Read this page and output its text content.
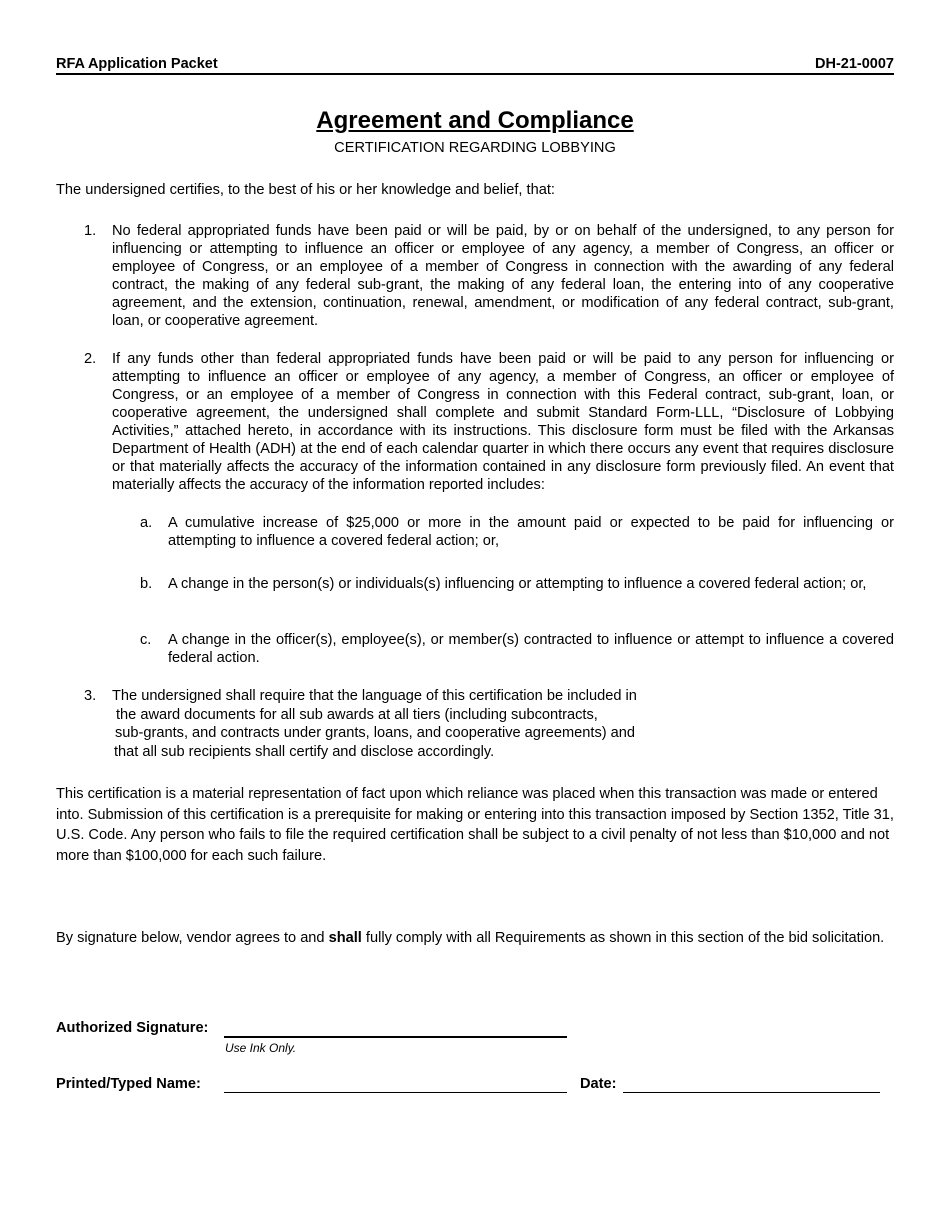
RFA Application Packet	DH-21-0007
Agreement and Compliance
CERTIFICATION REGARDING LOBBYING
The undersigned certifies, to the best of his or her knowledge and belief, that:
1. No federal appropriated funds have been paid or will be paid, by or on behalf of the undersigned, to any person for influencing or attempting to influence an officer or employee of any agency, a member of Congress, an officer or employee of Congress, or an employee of a member of Congress in connection with the awarding of any federal contract, the making of any federal sub-grant, the making of any federal loan, the entering into of any cooperative agreement, and the extension, continuation, renewal, amendment, or modification of any federal contract, sub-grant, loan, or cooperative agreement.
2. If any funds other than federal appropriated funds have been paid or will be paid to any person for influencing or attempting to influence an officer or employee of any agency, a member of Congress, an officer or employee of Congress, or an employee of a member of Congress in connection with this Federal contract, sub-grant, loan, or cooperative agreement, the undersigned shall complete and submit Standard Form-LLL, “Disclosure of Lobbying Activities,” attached hereto, in accordance with its instructions. This disclosure form must be filed with the Arkansas Department of Health (ADH) at the end of each calendar quarter in which there occurs any event that requires disclosure or that materially affects the accuracy of the information contained in any disclosure form previously filed. An event that materially affects the accuracy of the information reported includes:
a. A cumulative increase of $25,000 or more in the amount paid or expected to be paid for influencing or attempting to influence a covered federal action; or,
b. A change in the person(s) or individuals(s) influencing or attempting to influence a covered federal action; or,
c. A change in the officer(s), employee(s), or member(s) contracted to influence or attempt to influence a covered federal action.
3. The undersigned shall require that the language of this certification be included in
the award documents for all sub awards at all tiers (including subcontracts,
sub-grants, and contracts under grants, loans, and cooperative agreements) and
that all sub recipients shall certify and disclose accordingly.
This certification is a material representation of fact upon which reliance was placed when this transaction was made or entered into. Submission of this certification is a prerequisite for making or entering into this transaction imposed by Section 1352, Title 31, U.S. Code. Any person who fails to file the required certification shall be subject to a civil penalty of not less than $10,000 and not more than $100,000 for each such failure.
By signature below, vendor agrees to and shall fully comply with all Requirements as shown in this section of the bid solicitation.
Authorized Signature:
Use Ink Only.
Printed/Typed Name:	Date:
